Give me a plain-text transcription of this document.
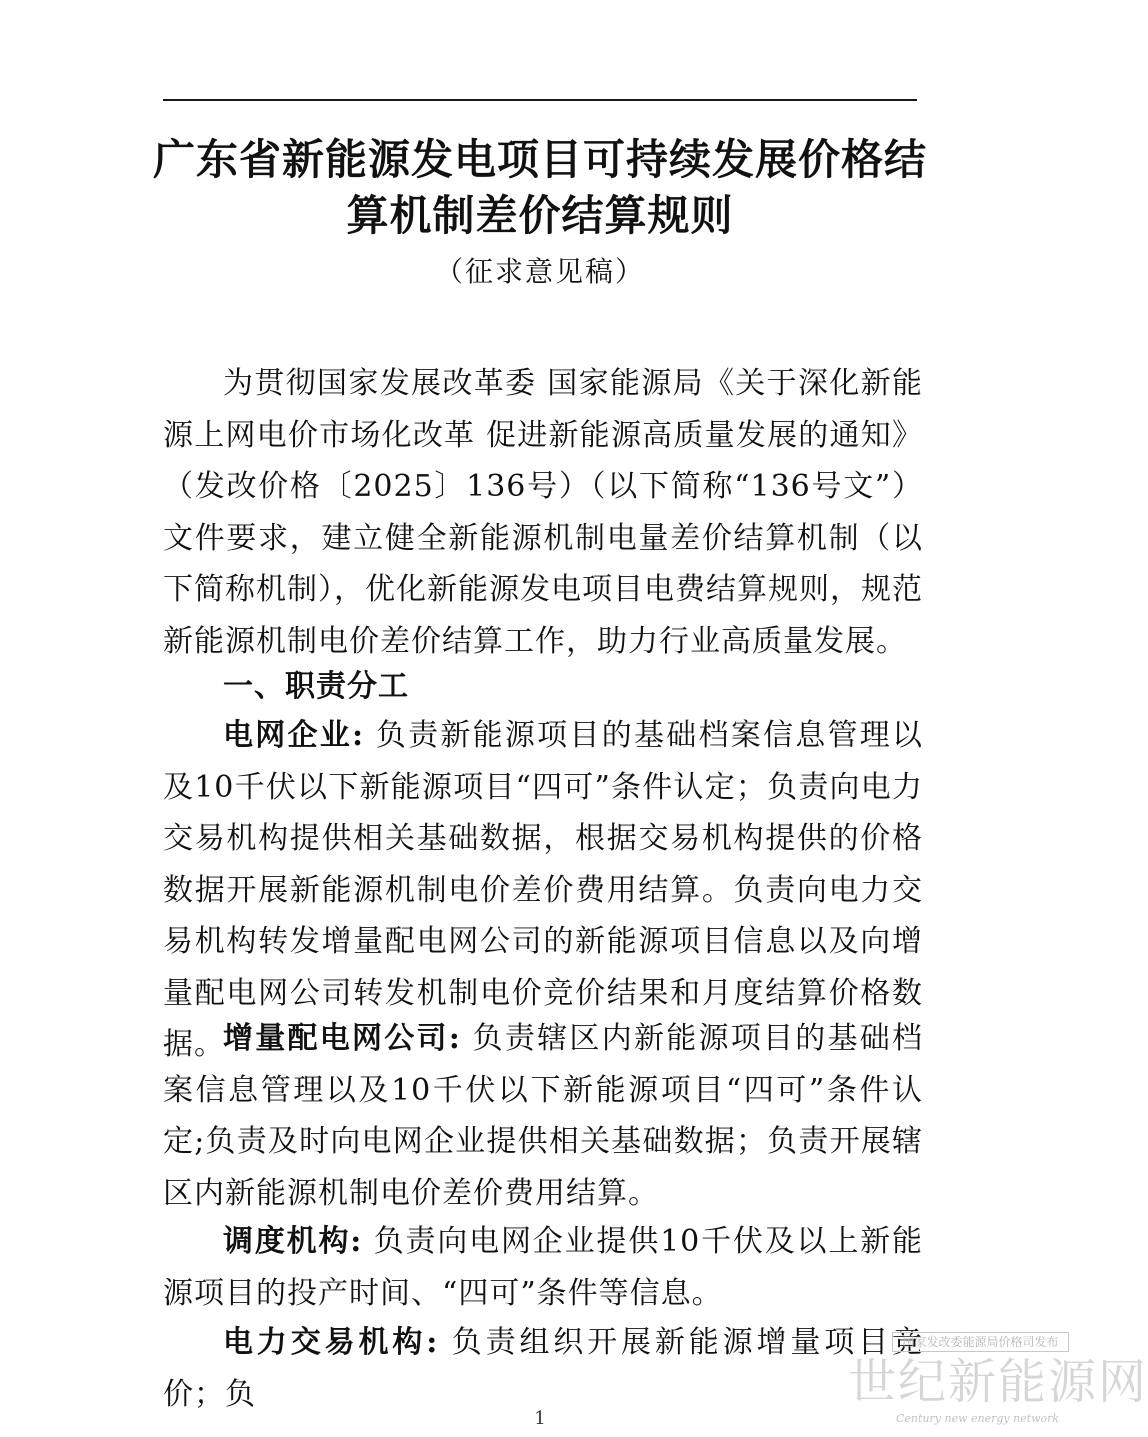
广东省新能源发电项目可持续发展价格结
算机制差价结算规则
（征求意见稿）

为贯彻国家发展改革委 国家能源局《关于深化新能源上网电价市场化改革 促进新能源高质量发展的通知》（发改价格〔2025〕136号）（以下简称“136号文”）文件要求，建立健全新能源机制电量差价结算机制（以下简称机制），优化新能源发电项目电费结算规则，规范新能源机制电价差价结算工作，助力行业高质量发展。

一、职责分工

电网企业: 负责新能源项目的基础档案信息管理以及10千伏以下新能源项目“四可”条件认定；负责向电力交易机构提供相关基础数据，根据交易机构提供的价格数据开展新能源机制电价差价费用结算。负责向电力交易机构转发增量配电网公司的新能源项目信息以及向增量配电网公司转发机制电价竞价结果和月度结算价格数据。

增量配电网公司: 负责辖区内新能源项目的基础档案信息管理以及10千伏以下新能源项目“四可”条件认定;负责及时向电网企业提供相关基础数据；负责开展辖区内新能源机制电价差价费用结算。

调度机构: 负责向电网企业提供10千伏及以上新能源项目的投产时间、“四可”条件等信息。

电力交易机构: 负责组织开展新能源增量项目竞价；负

1
国家发改委能源局价格司发布
世纪新能源网
Century new energy network
